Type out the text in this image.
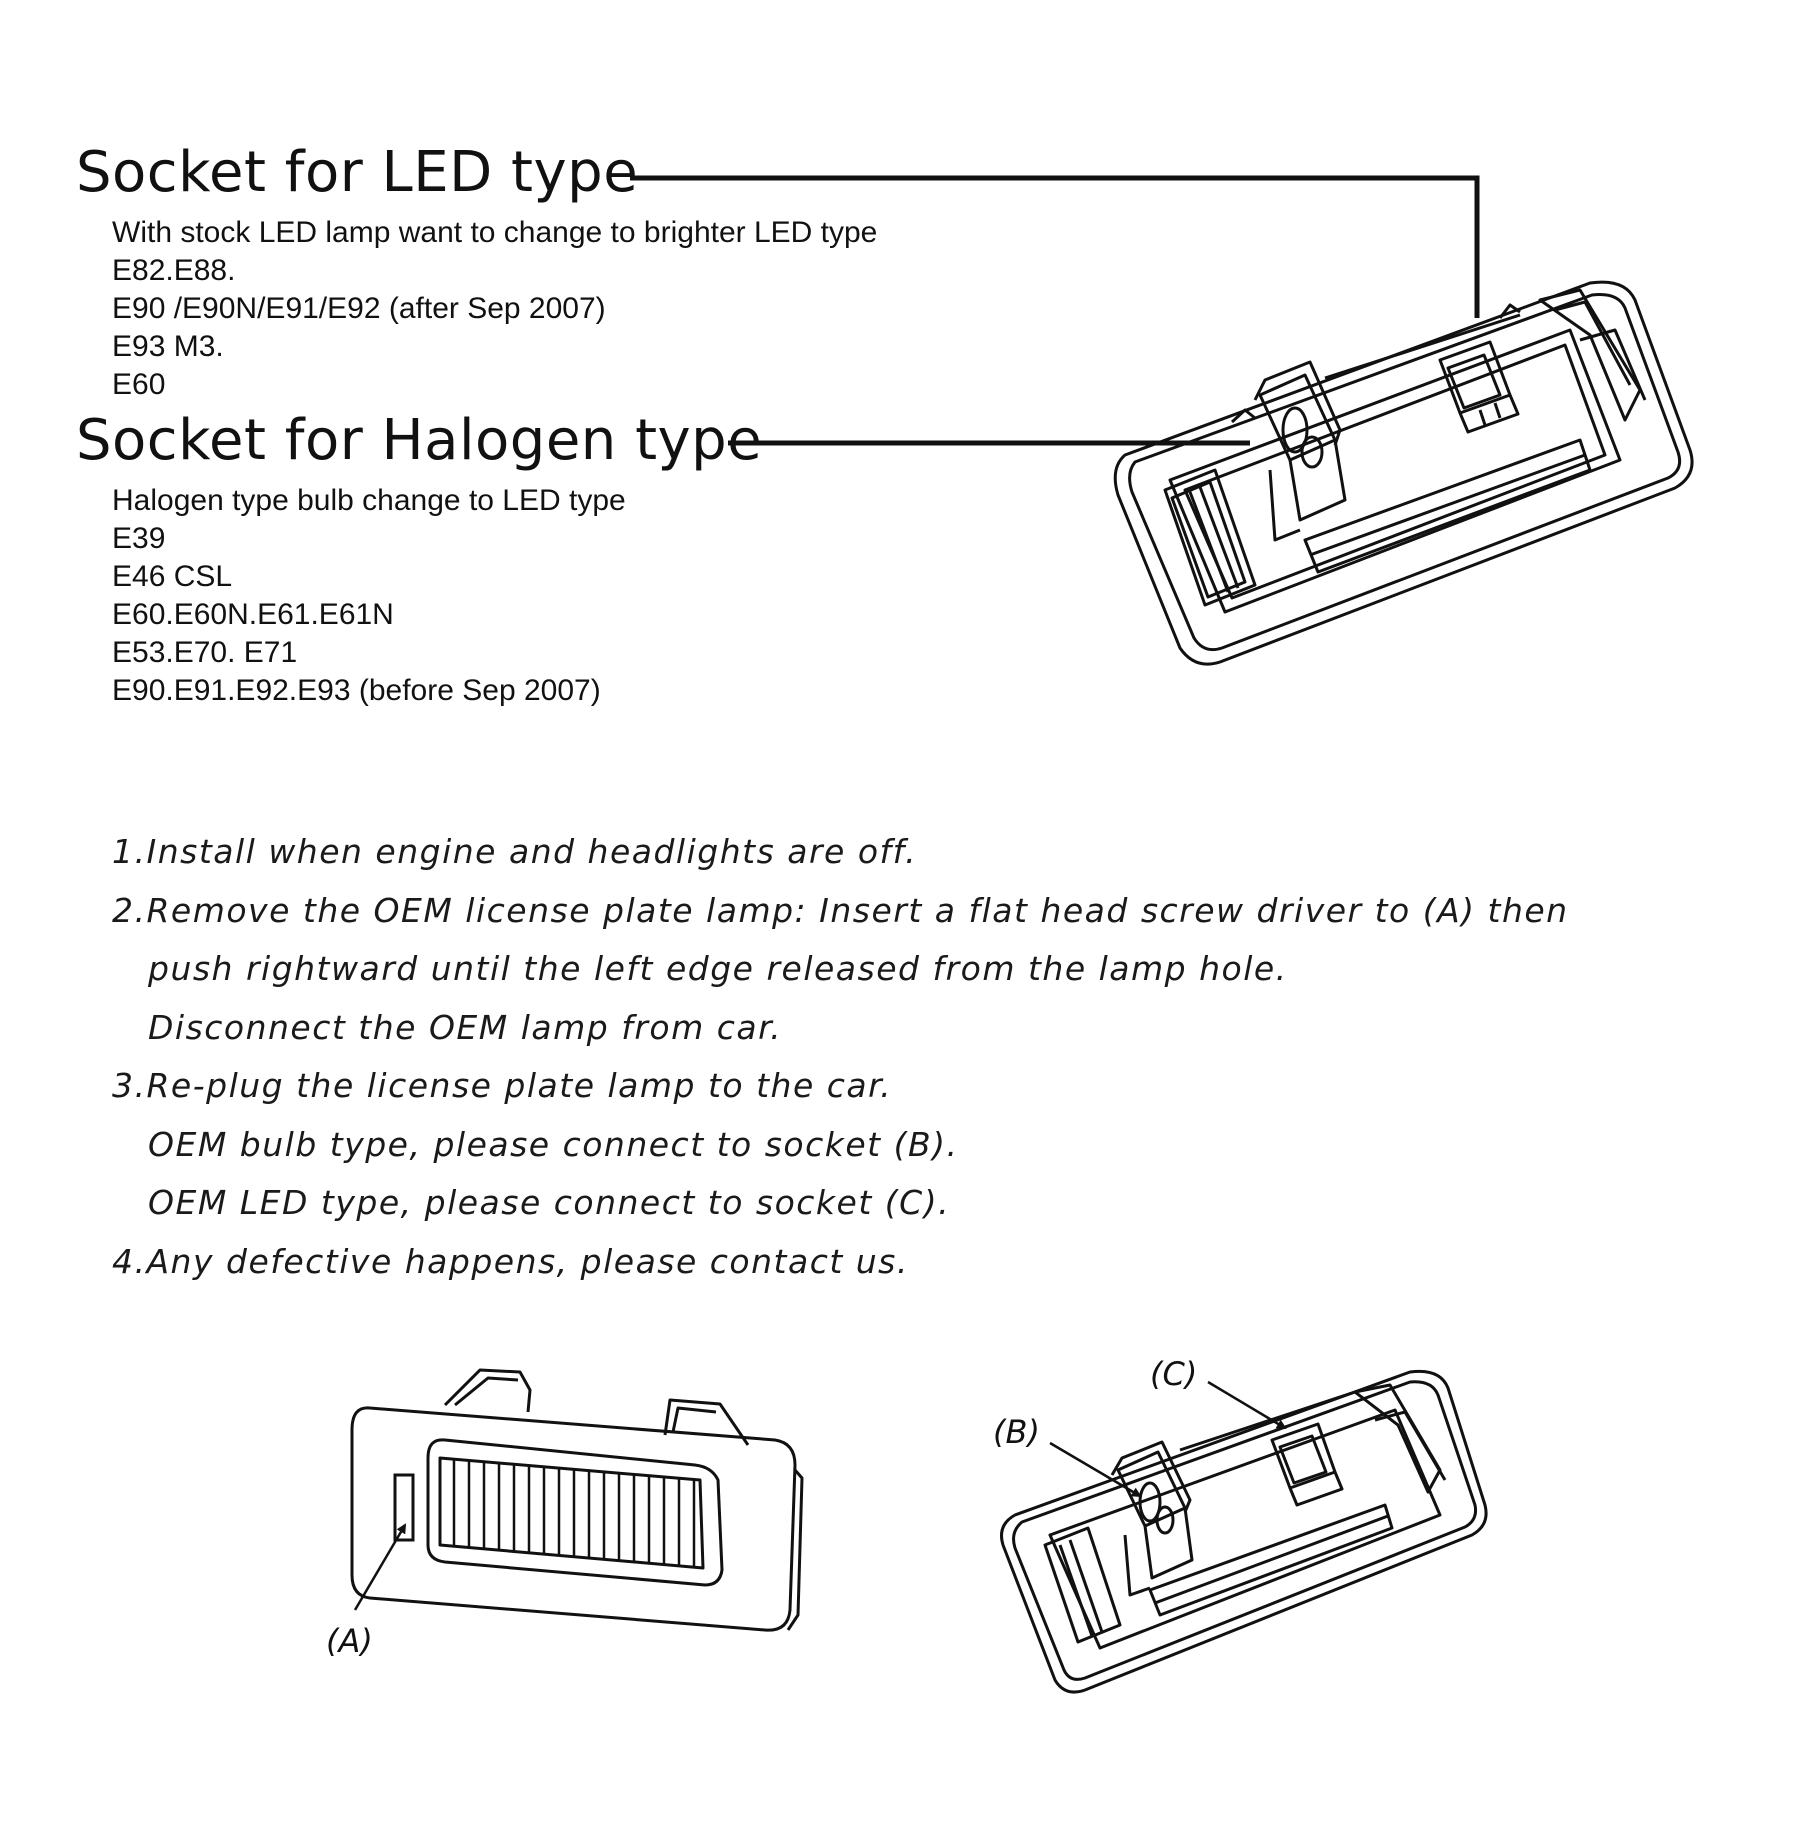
Socket for LED type
With stock LED lamp want to change to brighter LED type
E82.E88.
E90 /E90N/E91/E92 (after Sep 2007)
E93 M3.
E60
Socket for Halogen type
Halogen type bulb change to LED type
E39
E46 CSL
E60.E60N.E61.E61N
E53.E70. E71
E90.E91.E92.E93 (before Sep 2007)
1.Install when engine and headlights are off.
2.Remove the OEM license plate lamp: Insert a flat head screw driver to (A) then
push rightward until the left edge released from the lamp hole.
Disconnect the OEM lamp from car.
3.Re-plug the license plate lamp to the car.
OEM bulb type, please connect to socket (B).
OEM LED type, please connect to socket (C).
4.Any defective happens, please contact us.
(A)
(B)
(C)
